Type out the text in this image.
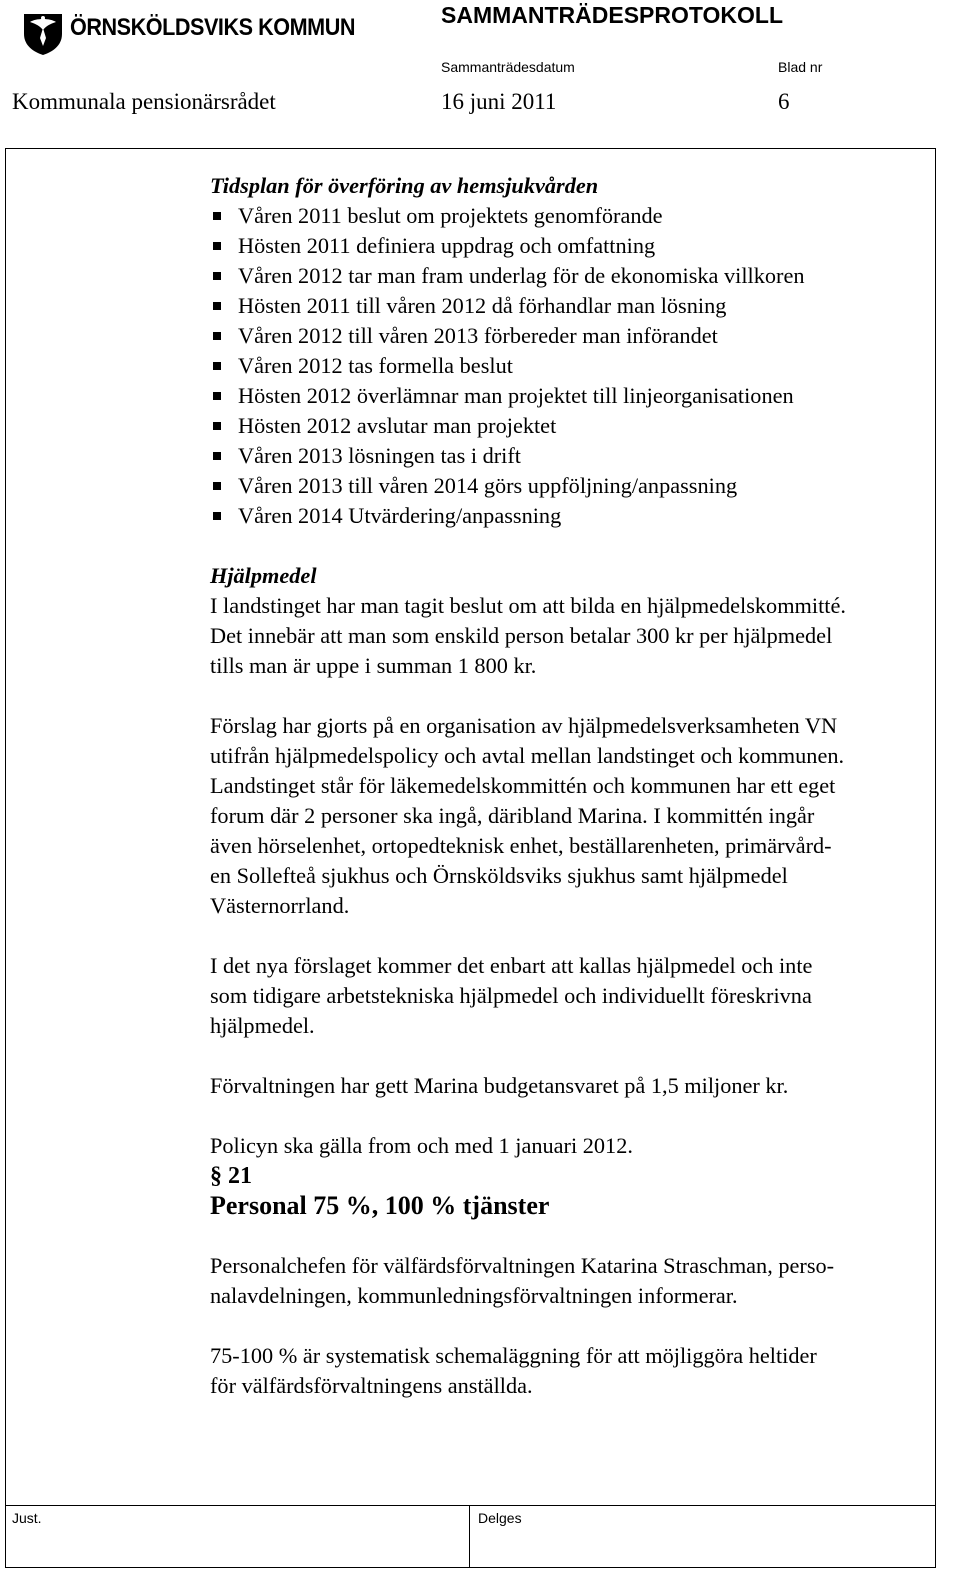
ÖRNSKÖLDSVIKS KOMMUN	SAMMANTRÄDESPROTOKOLL
Sammanträdesdatum	Blad nr
Kommunala pensionärsrådet	16 juni 2011	6

Tidsplan för överföring av hemsjukvården

Våren 2011 beslut om projektets genomförande
Hösten 2011 definiera uppdrag och omfattning
Våren 2012 tar man fram underlag för de ekonomiska villkoren
Hösten 2011 till våren 2012 då förhandlar man lösning
Våren 2012 till våren 2013 förbereder man införandet
Våren 2012 tas formella beslut
Hösten 2012 överlämnar man projektet till linjeorganisationen
Hösten 2012 avslutar man projektet
Våren 2013 lösningen tas i drift
Våren 2013 till våren 2014 görs uppföljning/anpassning
Våren 2014 Utvärdering/anpassning

Hjälpmedel

I landstinget har man tagit beslut om att bilda en hjälpmedelskommitté.
Det innebär att man som enskild person betalar 300 kr per hjälpmedel
tills man är uppe i summan 1 800 kr.
Förslag har gjorts på en organisation av hjälpmedelsverksamheten VN
utifrån hjälpmedelspolicy och avtal mellan landstinget och kommunen.
Landstinget står för läkemedelskommittén och kommunen har ett eget
forum där 2 personer ska ingå, däribland Marina. I kommittén ingår
även hörselenhet, ortopedteknisk enhet, beställarenheten, primärvård-
en Sollefteå sjukhus och Örnsköldsviks sjukhus samt hjälpmedel
Västernorrland.
I det nya förslaget kommer det enbart att kallas hjälpmedel och inte
som tidigare arbetstekniska hjälpmedel och individuellt föreskrivna
hjälpmedel.

Förvaltningen har gett Marina budgetansvaret på 1,5 miljoner kr.

Policyn ska gälla from och med 1 januari 2012.

§ 21

Personal 75 %, 100 % tjänster

Personalchefen för välfärdsförvaltningen Katarina Straschman, perso-
nalavdelningen, kommunledningsförvaltningen informerar.
75-100 % är systematisk schemaläggning för att möjliggöra heltider
för välfärdsförvaltningens anställda.
Just.	Delges
